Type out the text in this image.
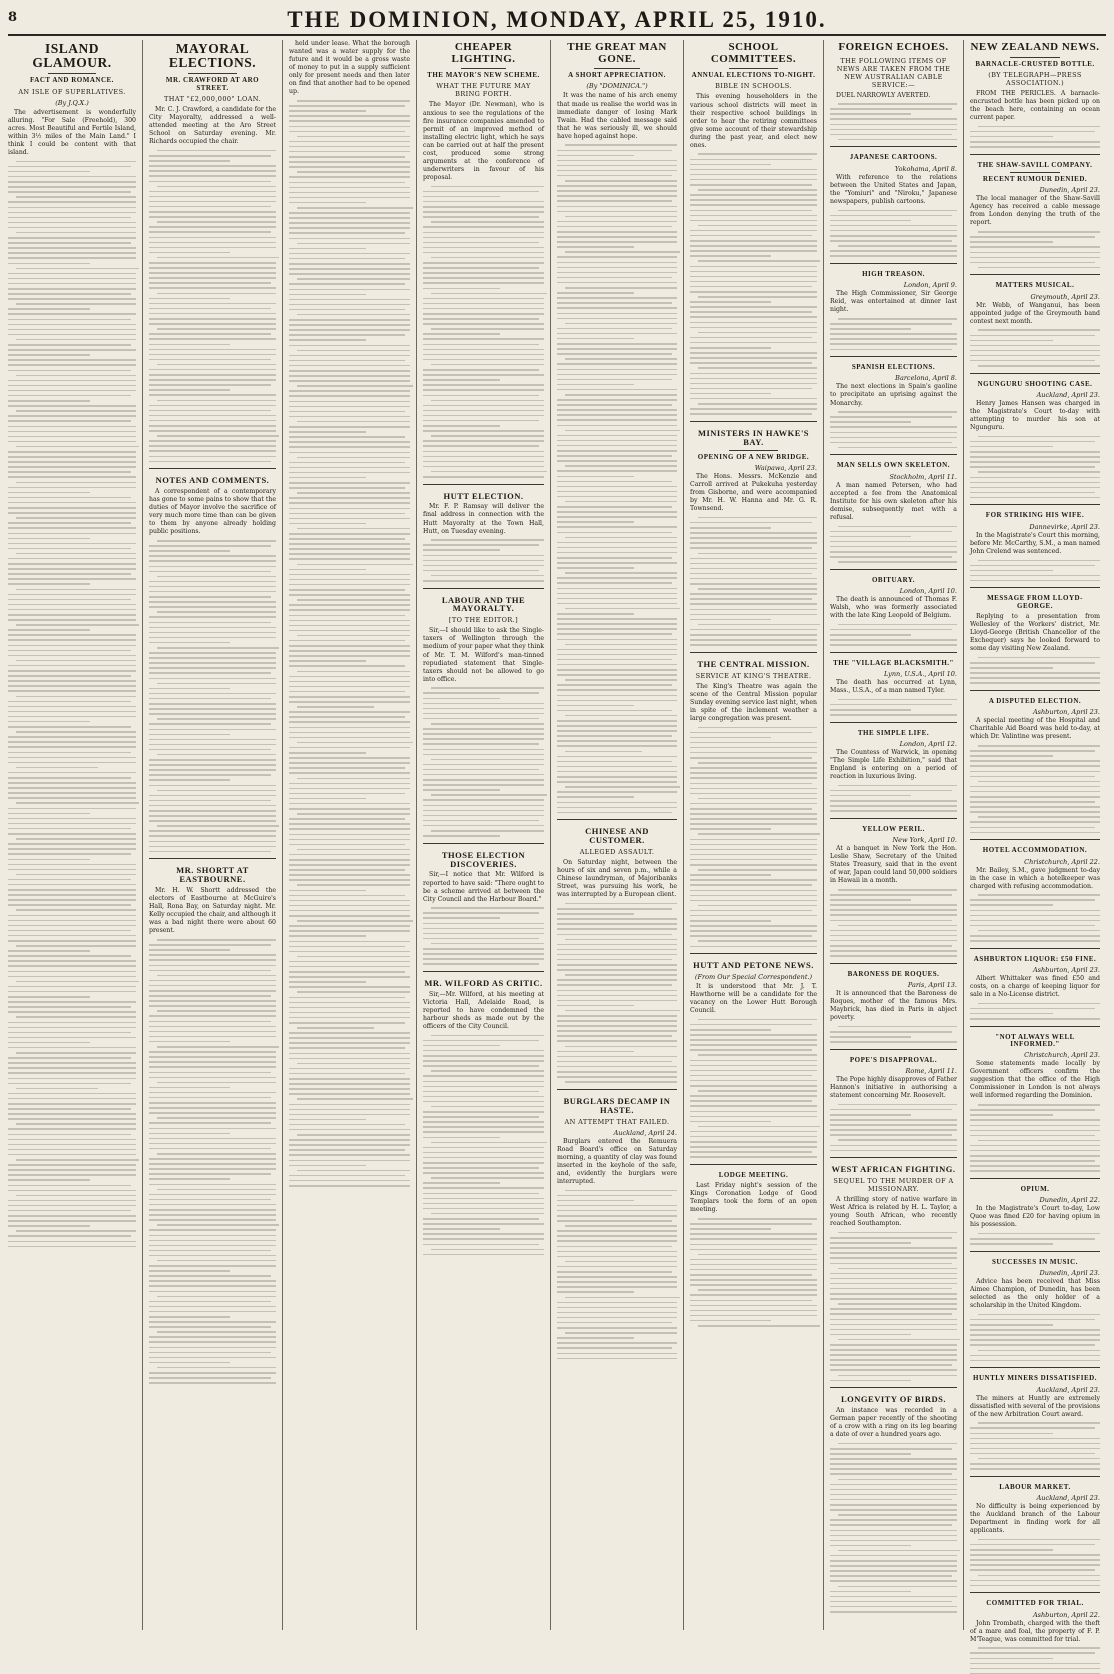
8	THE DOMINION, MONDAY, APRIL 25, 1910.
ISLAND GLAMOUR.
FACT AND ROMANCE.
AN ISLE OF SUPERLATIVES.
(By J.Q.X.)

The advertisement is wonderfully alluring. "For Sale (Freehold), 300 acres. Most Beautiful and Fertile Island, within 3½ miles of the Main Land." I think I could be content with that island.

MAYORAL ELECTIONS.
MR. CRAWFORD AT ARO STREET.
THAT "£2,000,000" LOAN.

Mr. C. J. Crawford, a candidate for the City Mayoralty, addressed a well-attended meeting at the Aro Street School on Saturday evening. Mr. Richards occupied the chair.

NOTES AND COMMENTS.

A correspondent of a contemporary has gone to some pains to show that the duties of Mayor involve the sacrifice of very much more time than can be given to them by anyone already holding public positions.

MR. SHORTT AT EASTBOURNE.

Mr. H. W. Shortt addressed the electors of Eastbourne at McGuire's Hall, Rona Bay, on Saturday night. Mr. Kelly occupied the chair, and although it was a bad night there were about 60 present.

held under lease. What the borough wanted was a water supply for the future and it would be a gross waste of money to put in a supply sufficient only for present needs and then later on find that another had to be opened up.

CHEAPER LIGHTING.
THE MAYOR'S NEW SCHEME.
WHAT THE FUTURE MAY BRING FORTH.

The Mayor (Dr. Newman), who is anxious to see the regulations of the fire insurance companies amended to permit of an improved method of installing electric light, which he says can be carried out at half the present cost, produced some strong arguments at the conference of underwriters in favour of his proposal.

HUTT ELECTION.

Mr. F. P. Ramsay will deliver the final address in connection with the Hutt Mayoralty at the Town Hall, Hutt, on Tuesday evening.

LABOUR AND THE MAYORALTY.
[TO THE EDITOR.]

Sir,—I should like to ask the Single-taxers of Wellington through the medium of your paper what they think of Mr. T. M. Wilford's man-tinned repudiated statement that Single-taxers should not be allowed to go into office.

THOSE ELECTION DISCOVERIES.

Sir,—I notice that Mr. Wilford is reported to have said: "There ought to be a scheme arrived at between the City Council and the Harbour Board."

MR. WILFORD AS CRITIC.

Sir,—Mr. Wilford, at his meeting at Victoria Hall, Adelaide Road, is reported to have condemned the harbour sheds as made out by the officers of the City Council.

THE GREAT MAN GONE.
A SHORT APPRECIATION.
(By "DOMINICA.")

It was the name of his arch enemy that made us realise the world was in immediate danger of losing Mark Twain. Had the cabled message said that he was seriously ill, we should have hoped against hope.

CHINESE AND CUSTOMER.
ALLEGED ASSAULT.

On Saturday night, between the hours of six and seven p.m., while a Chinese laundryman, of Majoribanks Street, was pursuing his work, he was interrupted by a European client.

BURGLARS DECAMP IN HASTE.
AN ATTEMPT THAT FAILED.
Auckland, April 24.

Burglars entered the Remuera Road Board's office on Saturday morning, a quantity of clay was found inserted in the keyhole of the safe, and, evidently the burglars were interrupted.

SCHOOL COMMITTEES.
ANNUAL ELECTIONS TO-NIGHT.
BIBLE IN SCHOOLS.

This evening householders in the various school districts will meet in their respective school buildings in order to hear the retiring committees give some account of their stewardship during the past year, and elect new ones.

MINISTERS IN HAWKE'S BAY.
OPENING OF A NEW BRIDGE.
Waipawa, April 23.

The Hons. Messrs. McKenzie and Carroll arrived at Pukekuha yesterday from Gisborne, and were accompanied by Mr. H. W. Hanna and Mr. G. R. Townsend.

THE CENTRAL MISSION.
SERVICE AT KING'S THEATRE.

The King's Theatre was again the scene of the Central Mission popular Sunday evening service last night, when in spite of the inclement weather a large congregation was present.

HUTT AND PETONE NEWS.
(From Our Special Correspondent.)

It is understood that Mr. J. T. Hawthorne will be a candidate for the vacancy on the Lower Hutt Borough Council.

LODGE MEETING.

Last Friday night's session of the Kings Coronation Lodge of Good Templars took the form of an open meeting.

FOREIGN ECHOES.
THE FOLLOWING ITEMS OF NEWS ARE TAKEN FROM THE NEW AUSTRALIAN CABLE SERVICE:—

DUEL NARROWLY AVERTED.

JAPANESE CARTOONS.
Yokohama, April 8.

With reference to the relations between the United States and Japan, the "Yomiuri" and "Niroku," Japanese newspapers, publish cartoons.

HIGH TREASON.
London, April 9.

The High Commissioner, Sir George Reid, was entertained at dinner last night.

SPANISH ELECTIONS.
Barcelona, April 8.

The next elections in Spain's gaoline to precipitate an uprising against the Monarchy.

MAN SELLS OWN SKELETON.
Stockholm, April 11.

A man named Petersen, who had accepted a fee from the Anatomical Institute for his own skeleton after his demise, subsequently met with a refusal.

OBITUARY.
London, April 10.

The death is announced of Thomas F. Walsh, who was formerly associated with the late King Leopold of Belgium.

THE "VILLAGE BLACKSMITH."
Lynn, U.S.A., April 10.

The death has occurred at Lynn, Mass., U.S.A., of a man named Tyler.

THE SIMPLE LIFE.
London, April 12.

The Countess of Warwick, in opening "The Simple Life Exhibition," said that England is entering on a period of reaction in luxurious living.

YELLOW PERIL.
New York, April 10.

At a banquet in New York the Hon. Leslie Shaw, Secretary of the United States Treasury, said that in the event of war, Japan could land 50,000 soldiers in Hawaii in a month.

BARONESS DE ROQUES.
Paris, April 13.

It is announced that the Baroness de Roques, mother of the famous Mrs. Maybrick, has died in Paris in abject poverty.

POPE'S DISAPPROVAL.
Rome, April 11.

The Pope highly disapproves of Father Hannon's initiative in authorising a statement concerning Mr. Roosevelt.

WEST AFRICAN FIGHTING.
SEQUEL TO THE MURDER OF A MISSIONARY.

A thrilling story of native warfare in West Africa is related by H. L. Taylor, a young South African, who recently reached Southampton.

LONGEVITY OF BIRDS.

An instance was recorded in a German paper recently of the shooting of a crow with a ring on its leg bearing a date of over a hundred years ago.

NEW ZEALAND NEWS.
BARNACLE-CRUSTED BOTTLE.
(BY TELEGRAPH—PRESS ASSOCIATION.)

FROM THE PERICLES. A barnacle-encrusted bottle has been picked up on the beach here, containing an ocean current paper.

THE SHAW-SAVILL COMPANY.
RECENT RUMOUR DENIED.
Dunedin, April 23.

The local manager of the Shaw-Savill Agency has received a cable message from London denying the truth of the report.

MATTERS MUSICAL.
Greymouth, April 23.

Mr. Webb, of Wanganui, has been appointed judge of the Greymouth band contest next month.

NGUNGURU SHOOTING CASE.
Auckland, April 23.

Henry James Hansen was charged in the Magistrate's Court to-day with attempting to murder his son at Ngunguru.

FOR STRIKING HIS WIFE.
Dannevirke, April 23.

In the Magistrate's Court this morning, before Mr. McCarthy, S.M., a man named John Crelend was sentenced.

MESSAGE FROM LLOYD-GEORGE.

Replying to a presentation from Wellesley of the Workers' district, Mr. Lloyd-George (British Chancellor of the Exchequer) says he looked forward to some day visiting New Zealand.

A DISPUTED ELECTION.
Ashburton, April 23.

A special meeting of the Hospital and Charitable Aid Board was held to-day, at which Dr. Valintine was present.

HOTEL ACCOMMODATION.
Christchurch, April 22.

Mr. Bailey, S.M., gave judgment to-day in the case in which a hotelkeeper was charged with refusing accommodation.

ASHBURTON LIQUOR: £50 FINE.
Ashburton, April 23.

Albert Whittaker was fined £50 and costs, on a charge of keeping liquor for sale in a No-License district.

"NOT ALWAYS WELL INFORMED."
Christchurch, April 23.

Some statements made locally by Government officers confirm the suggestion that the office of the High Commissioner in London is not always well informed regarding the Dominion.

OPIUM.
Dunedin, April 22.

In the Magistrate's Court to-day, Low Quoe was fined £20 for having opium in his possession.

SUCCESSES IN MUSIC.
Dunedin, April 23.

Advice has been received that Miss Aimee Champion, of Dunedin, has been selected as the only holder of a scholarship in the United Kingdom.

HUNTLY MINERS DISSATISFIED.
Auckland, April 23.

The miners at Huntly are extremely dissatisfied with several of the provisions of the new Arbitration Court award.

LABOUR MARKET.
Auckland, April 23.

No difficulty is being experienced by the Auckland branch of the Labour Department in finding work for all applicants.

COMMITTED FOR TRIAL.
Ashburton, April 22.

John Trombath, charged with the theft of a mare and foal, the property of F. P. M'Teague, was committed for trial.
